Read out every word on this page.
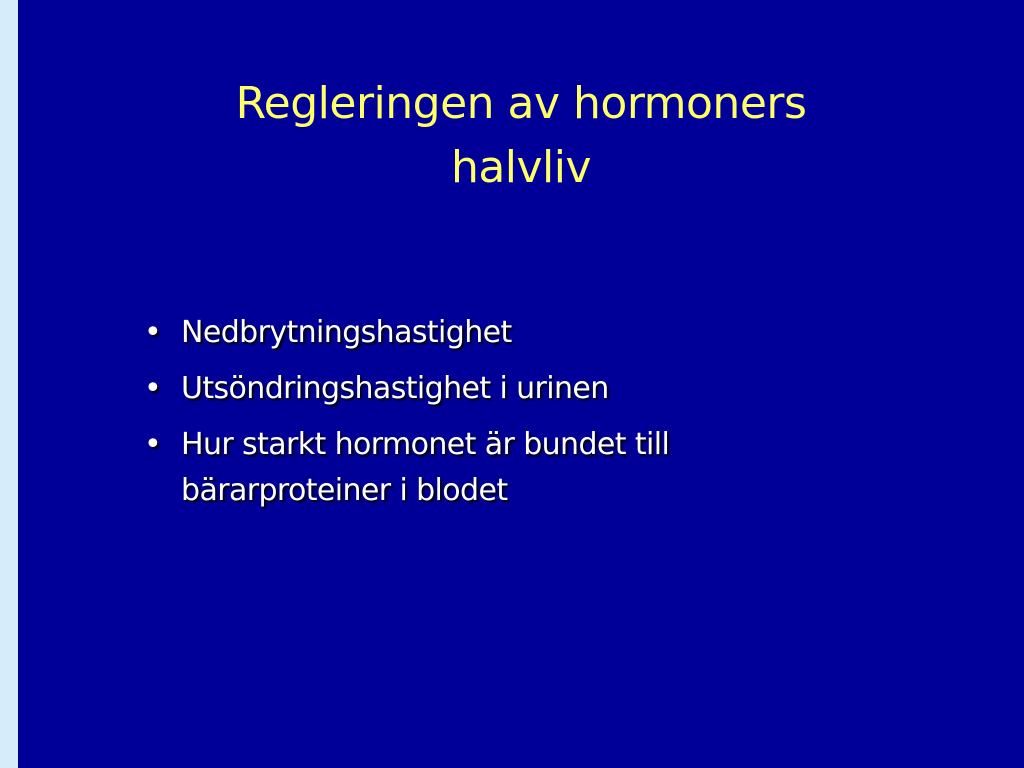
Regleringen av hormoners
halvliv
• Nedbrytningshastighet
• Utsöndringshastighet i urinen
• Hur starkt hormonet är bundet till bärarproteiner i blodet
